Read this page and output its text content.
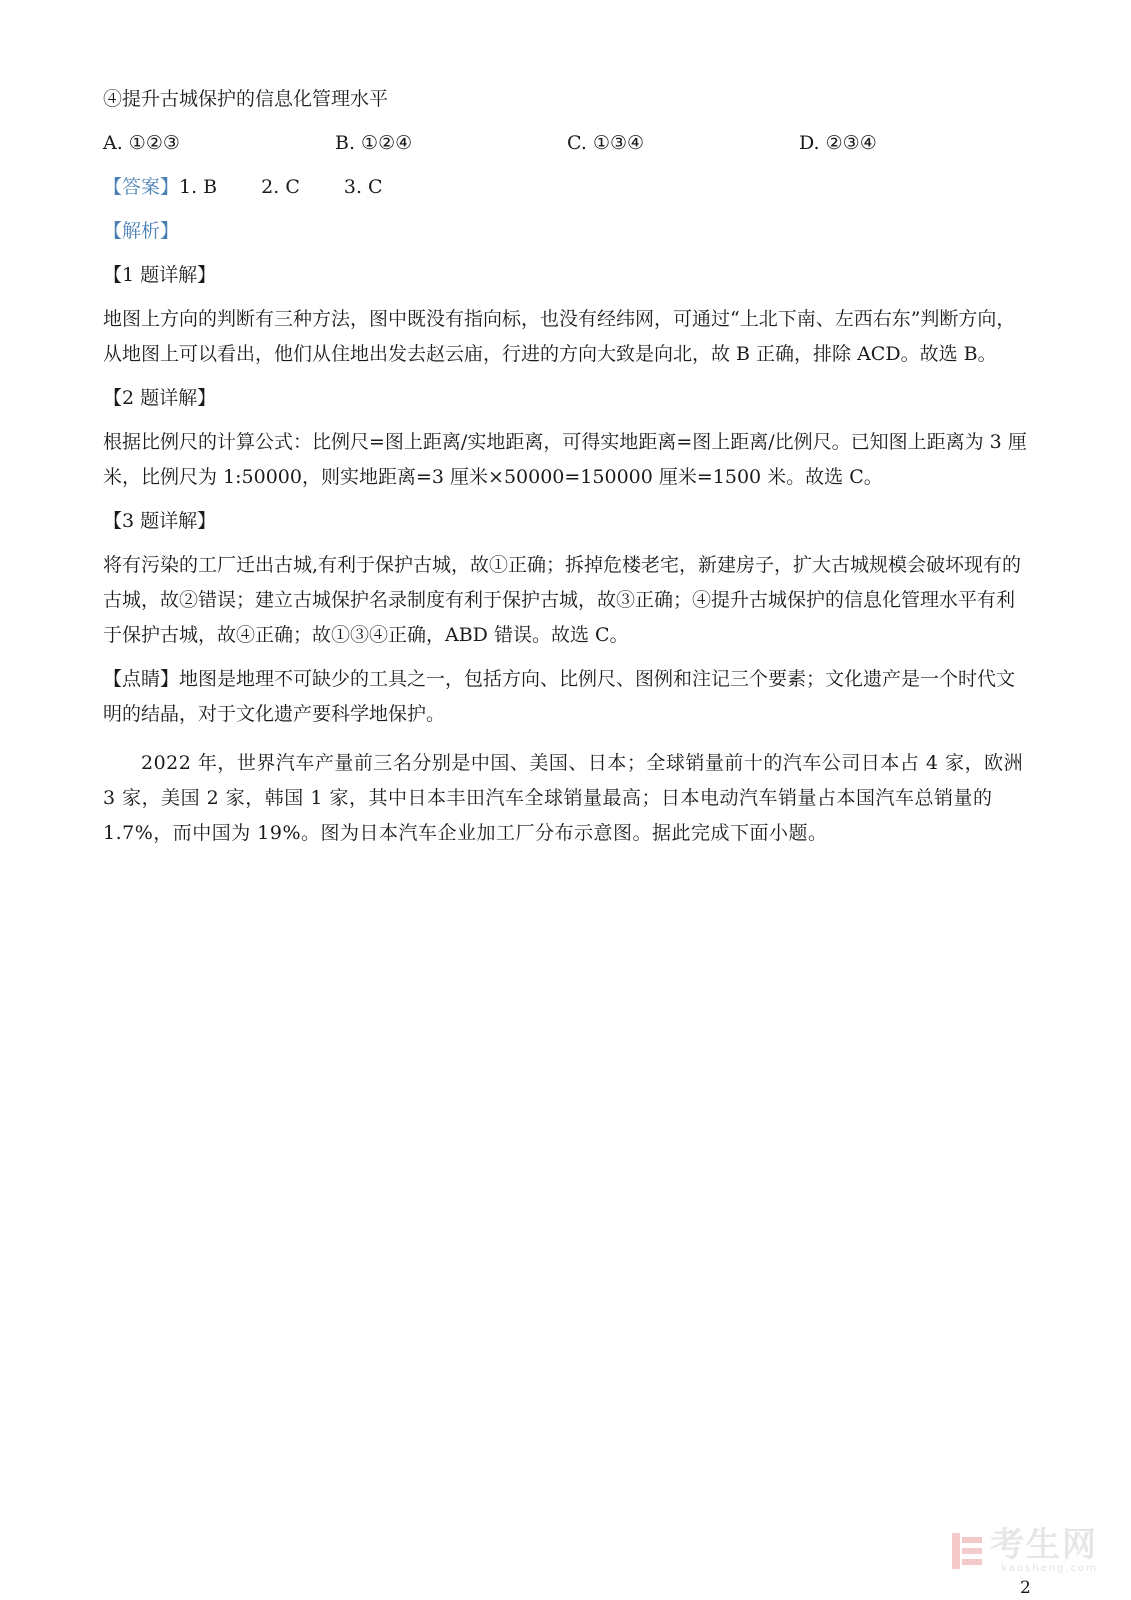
④提升古城保护的信息化管理水平

A. ①②③	B. ①②④	C. ①③④	D. ②③④
【答案】1. B 2. C 3. C
【解析】
【1 题详解】

地图上方向的判断有三种方法，图中既没有指向标，也没有经纬网，可通过“上北下南、左西右东”判断方向，从地图上可以看出，他们从住地出发去赵云庙，行进的方向大致是向北，故 B 正确，排除 ACD。故选 B。

【2 题详解】

根据比例尺的计算公式：比例尺=图上距离/实地距离，可得实地距离=图上距离/比例尺。已知图上距离为 3 厘米，比例尺为 1:50000，则实地距离=3 厘米×50000=150000 厘米=1500 米。故选 C。

【3 题详解】

将有污染的工厂迁出古城,有利于保护古城，故①正确；拆掉危楼老宅，新建房子，扩大古城规模会破坏现有的古城，故②错误；建立古城保护名录制度有利于保护古城，故③正确；④提升古城保护的信息化管理水平有利于保护古城，故④正确；故①③④正确，ABD 错误。故选 C。

【点睛】地图是地理不可缺少的工具之一，包括方向、比例尺、图例和注记三个要素；文化遗产是一个时代文明的结晶，对于文化遗产要科学地保护。

2022 年，世界汽车产量前三名分别是中国、美国、日本；全球销量前十的汽车公司日本占 4 家，欧洲 3 家，美国 2 家，韩国 1 家，其中日本丰田汽车全球销量最高；日本电动汽车销量占本国汽车总销量的 1.7%，而中国为 19%。图为日本汽车企业加工厂分布示意图。据此完成下面小题。

考生网
kaosheng.com
2
